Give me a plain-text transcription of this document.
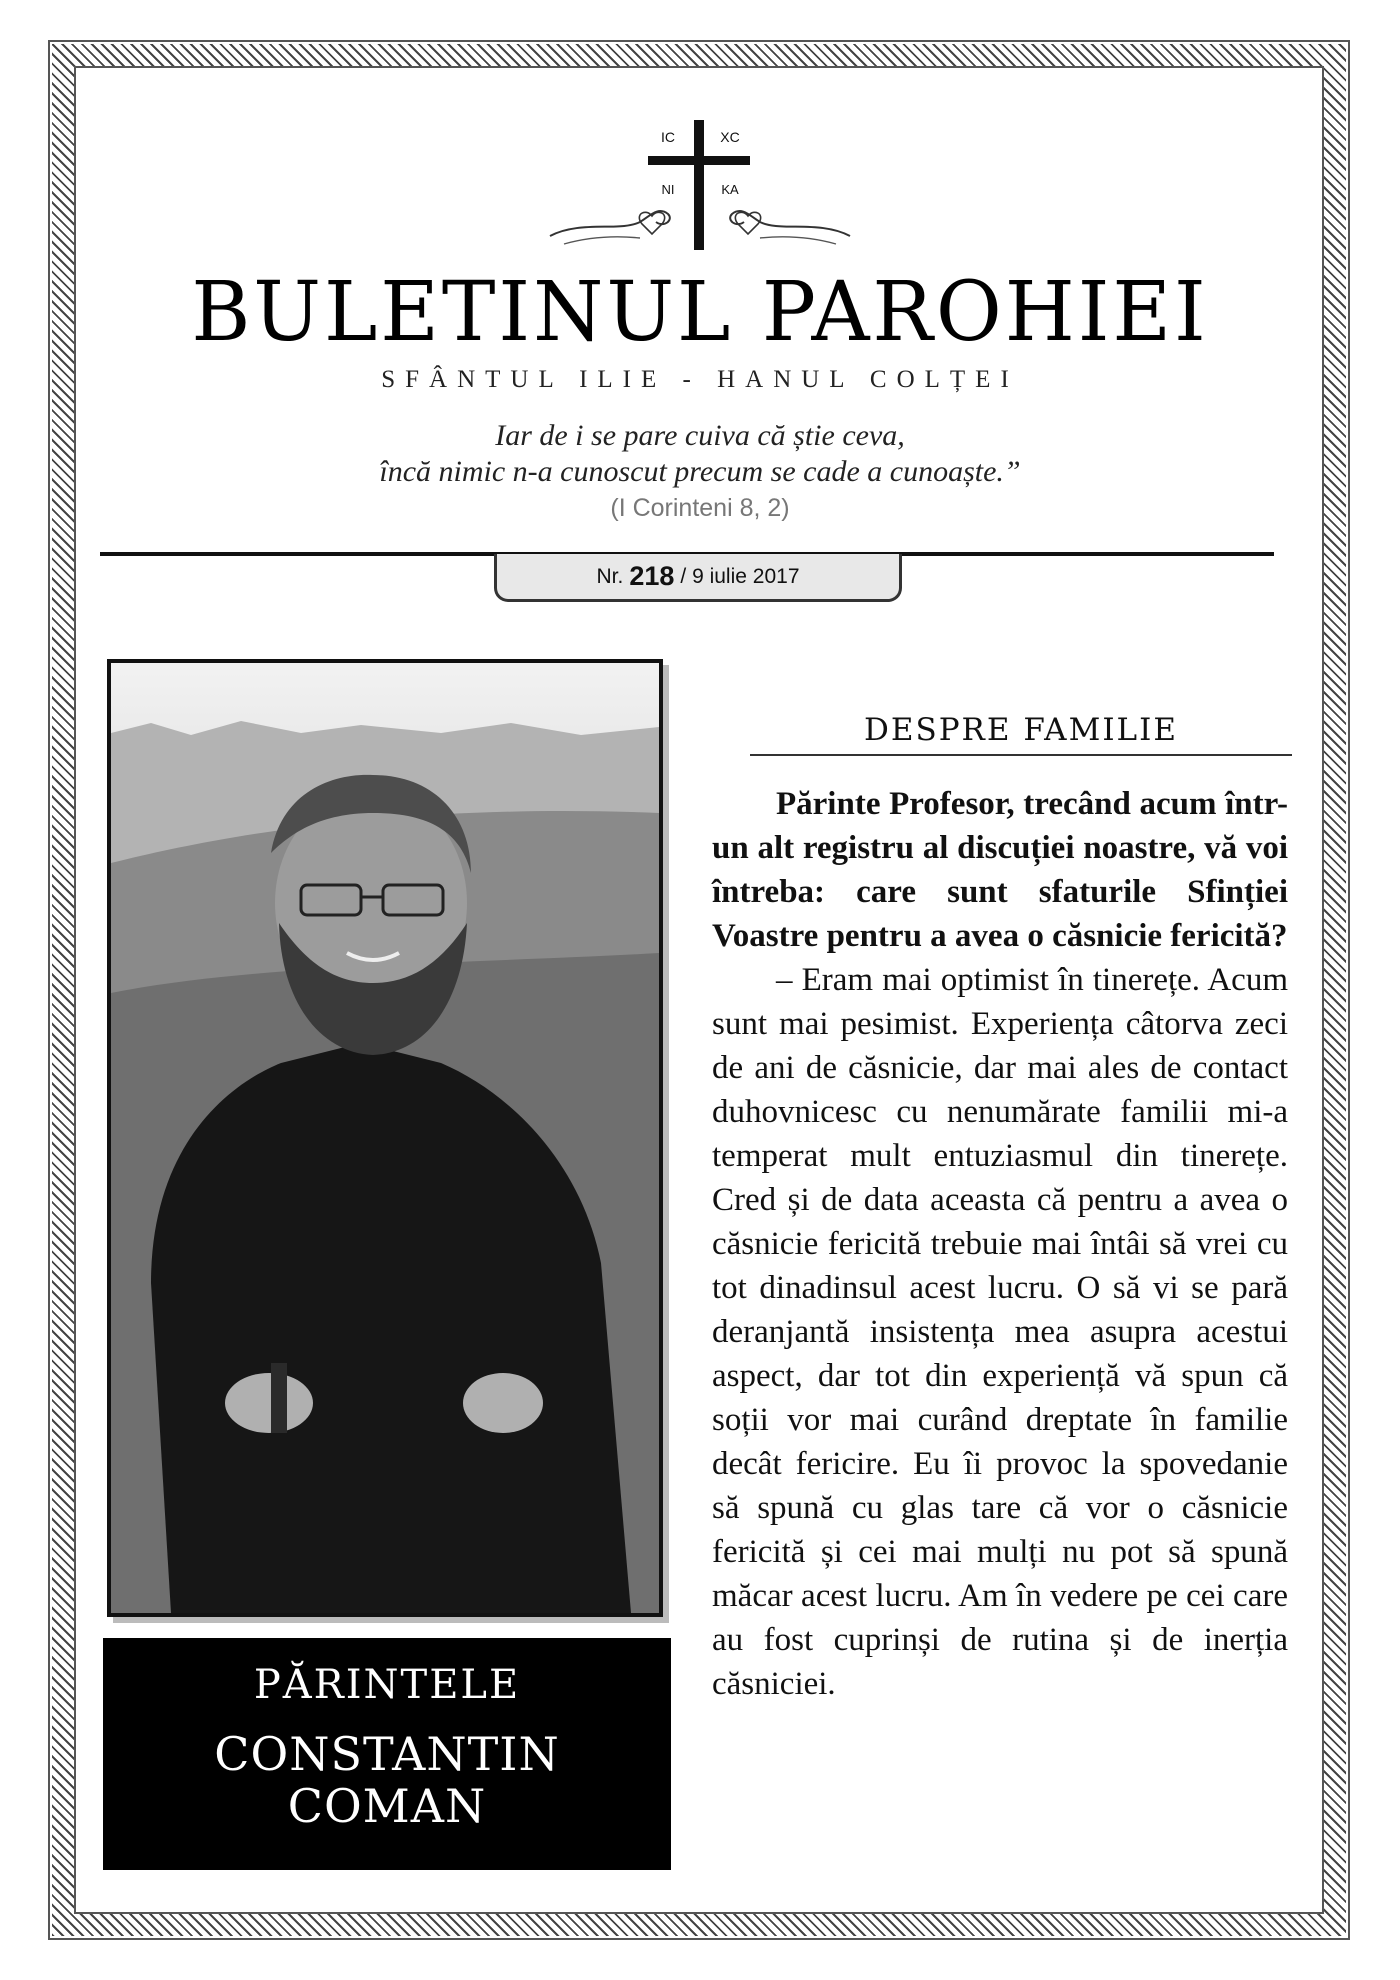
IC	XC
NI	KA
BULETINUL PAROHIEI
SFÂNTUL ILIE - HANUL COLȚEI
Iar de i se pare cuiva că știe ceva,
încă nimic n-a cunoscut precum se cade a cunoaște.”
(I Corinteni 8, 2)
Nr. 218 / 9 iulie 2017
PĂRINTELE
CONSTANTIN
COMAN
DESPRE FAMILIE

Părinte Profesor, trecând acum într-un alt registru al discuției noastre, vă voi întreba: care sunt sfaturile Sfinției Voastre pentru a avea o căsnicie fericită?

– Eram mai optimist în tinerețe. Acum sunt mai pesimist. Experiența câtorva zeci de ani de căsnicie, dar mai ales de contact duhovnicesc cu nenumărate familii mi-a temperat mult entuziasmul din tinerețe. Cred și de data aceasta că pentru a avea o căsnicie fericită trebuie mai întâi să vrei cu tot dinadinsul acest lucru. O să vi se pară deranjantă insistența mea asupra acestui aspect, dar tot din experiență vă spun că soții vor mai curând dreptate în familie decât fericire. Eu îi provoc la spovedanie să spună cu glas tare că vor o căsnicie fericită și cei mai mulți nu pot să spună măcar acest lucru. Am în vedere pe cei care au fost cuprinși de rutina și de inerția căsniciei.
